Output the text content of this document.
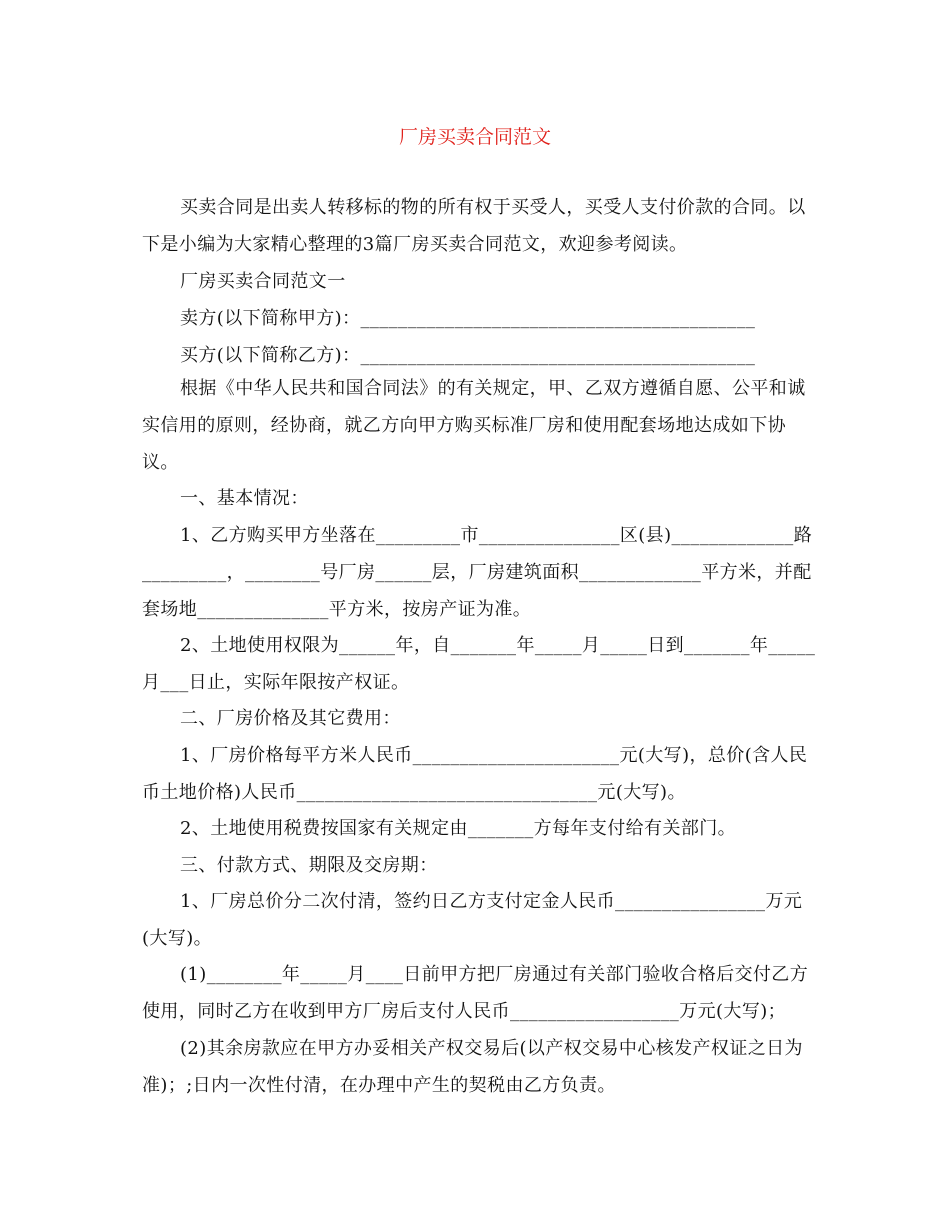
厂房买卖合同范文
买卖合同是出卖人转移标的物的所有权于买受人，买受人支付价款的合同。以下是小编为大家精心整理的3篇厂房买卖合同范文，欢迎参考阅读。
厂房买卖合同范文一
卖方(以下简称甲方)：__________________________________________
买方(以下简称乙方)：__________________________________________
根据《中华人民共和国合同法》的有关规定，甲、乙双方遵循自愿、公平和诚实信用的原则，经协商，就乙方向甲方购买标准厂房和使用配套场地达成如下协议。
一、基本情况：
1、乙方购买甲方坐落在_________市_______________区(县)_____________路_________，________号厂房______层，厂房建筑面积_____________平方米，并配套场地______________平方米，按房产证为准。
2、土地使用权限为______年，自_______年_____月_____日到_______年_____月___日止，实际年限按产权证。
二、厂房价格及其它费用：
1、厂房价格每平方米人民币______________________元(大写)，总价(含人民币土地价格)人民币________________________________元(大写)。
2、土地使用税费按国家有关规定由_______方每年支付给有关部门。
三、付款方式、期限及交房期：
1、厂房总价分二次付清，签约日乙方支付定金人民币________________万元(大写)。
(1)________年_____月____日前甲方把厂房通过有关部门验收合格后交付乙方使用，同时乙方在收到甲方厂房后支付人民币__________________万元(大写)；
(2)其余房款应在甲方办妥相关产权交易后(以产权交易中心核发产权证之日为准)；;日内一次性付清，在办理中产生的契税由乙方负责。
